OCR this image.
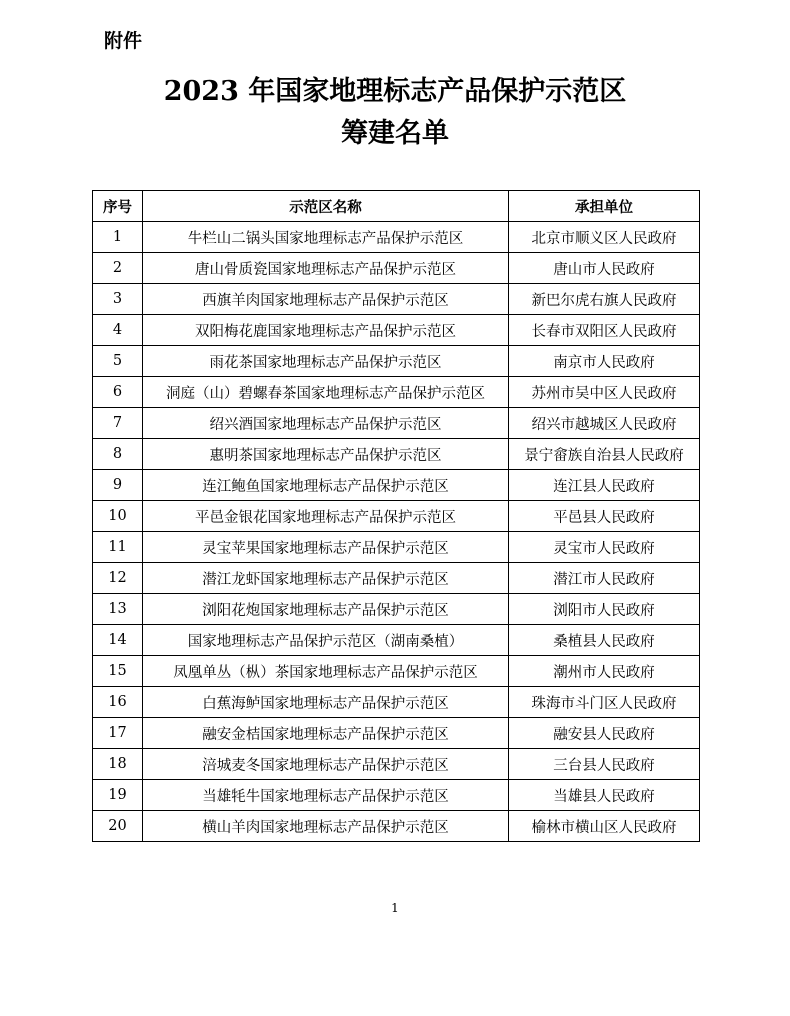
附件
2023 年国家地理标志产品保护示范区
筹建名单
序号	示范区名称	承担单位
1	牛栏山二锅头国家地理标志产品保护示范区	北京市顺义区人民政府
2	唐山骨质瓷国家地理标志产品保护示范区	唐山市人民政府
3	西旗羊肉国家地理标志产品保护示范区	新巴尔虎右旗人民政府
4	双阳梅花鹿国家地理标志产品保护示范区	长春市双阳区人民政府
5	雨花茶国家地理标志产品保护示范区	南京市人民政府
6	洞庭（山）碧螺春茶国家地理标志产品保护示范区	苏州市吴中区人民政府
7	绍兴酒国家地理标志产品保护示范区	绍兴市越城区人民政府
8	惠明茶国家地理标志产品保护示范区	景宁畲族自治县人民政府
9	连江鲍鱼国家地理标志产品保护示范区	连江县人民政府
10	平邑金银花国家地理标志产品保护示范区	平邑县人民政府
11	灵宝苹果国家地理标志产品保护示范区	灵宝市人民政府
12	潜江龙虾国家地理标志产品保护示范区	潜江市人民政府
13	浏阳花炮国家地理标志产品保护示范区	浏阳市人民政府
14	国家地理标志产品保护示范区（湖南桑植）	桑植县人民政府
15	凤凰单丛（枞）茶国家地理标志产品保护示范区	潮州市人民政府
16	白蕉海鲈国家地理标志产品保护示范区	珠海市斗门区人民政府
17	融安金桔国家地理标志产品保护示范区	融安县人民政府
18	涪城麦冬国家地理标志产品保护示范区	三台县人民政府
19	当雄牦牛国家地理标志产品保护示范区	当雄县人民政府
20	横山羊肉国家地理标志产品保护示范区	榆林市横山区人民政府
1
